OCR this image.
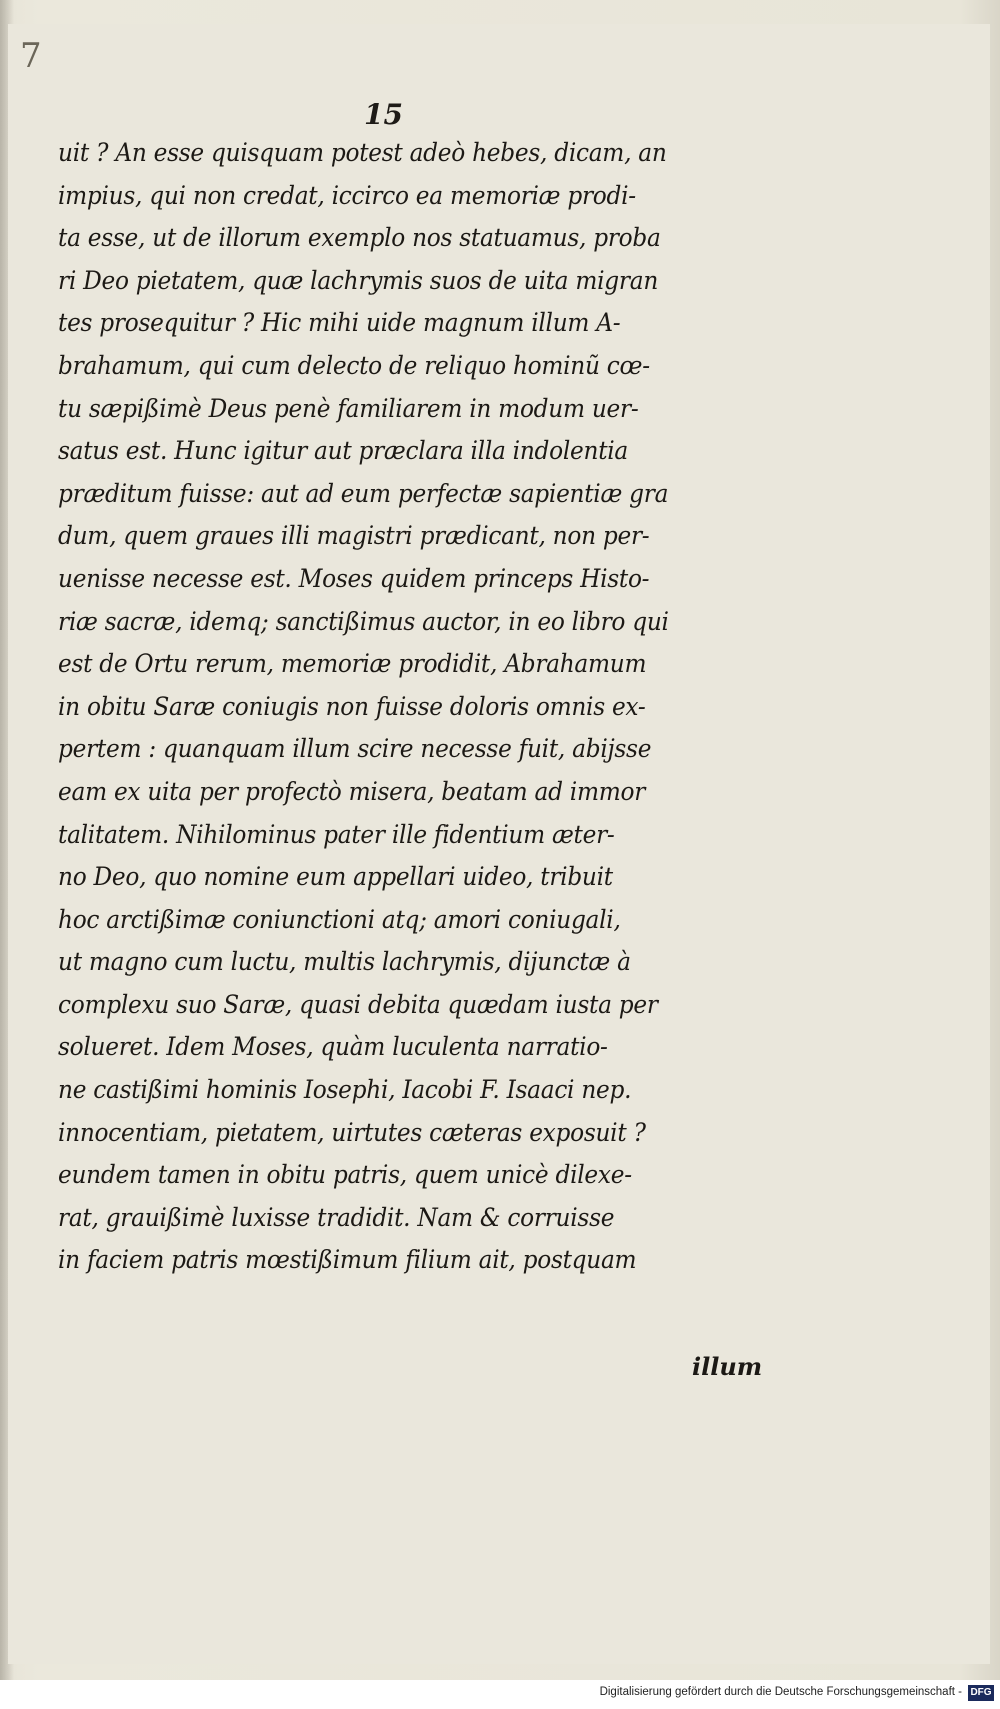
7
15
uit ? An esse quisquam potest adeò hebes, dicam, an
impius, qui non credat, iccirco ea memoriæ prodi-
ta esse, ut de illorum exemplo nos statuamus, proba
ri Deo pietatem, quæ lachrymis suos de uita migran
tes prosequitur ? Hic mihi uide magnum illum A-
brahamum, qui cum delecto de reliquo hominũ cœ-
tu sæpißimè Deus penè familiarem in modum uer-
satus est. Hunc igitur aut præclara illa indolentia
præditum fuisse: aut ad eum perfectæ sapientiæ gra
dum, quem graues illi magistri prædicant, non per-
uenisse necesse est. Moses quidem princeps Histo-
riæ sacræ, idemq; sanctißimus auctor, in eo libro qui
est de Ortu rerum, memoriæ prodidit, Abrahamum
in obitu Saræ coniugis non fuisse doloris omnis ex-
pertem : quanquam illum scire necesse fuit, abijsse
eam ex uita per profectò misera, beatam ad immor
talitatem. Nihilominus pater ille fidentium æter-
no Deo, quo nomine eum appellari uideo, tribuit
hoc arctißimæ coniunctioni atq; amori coniugali,
ut magno cum luctu, multis lachrymis, dijunctæ à
complexu suo Saræ, quasi debita quædam iusta per
solueret. Idem Moses, quàm luculenta narratio-
ne castißimi hominis Iosephi, Iacobi F. Isaaci nep.
innocentiam, pietatem, uirtutes cæteras exposuit ?
eundem tamen in obitu patris, quem unicè dilexe-
rat, grauißimè luxisse tradidit. Nam & corruisse
in faciem patris mœstißimum filium ait, postquam
illum
Digitalisierung gefördert durch die Deutsche Forschungsgemeinschaft - DFG
